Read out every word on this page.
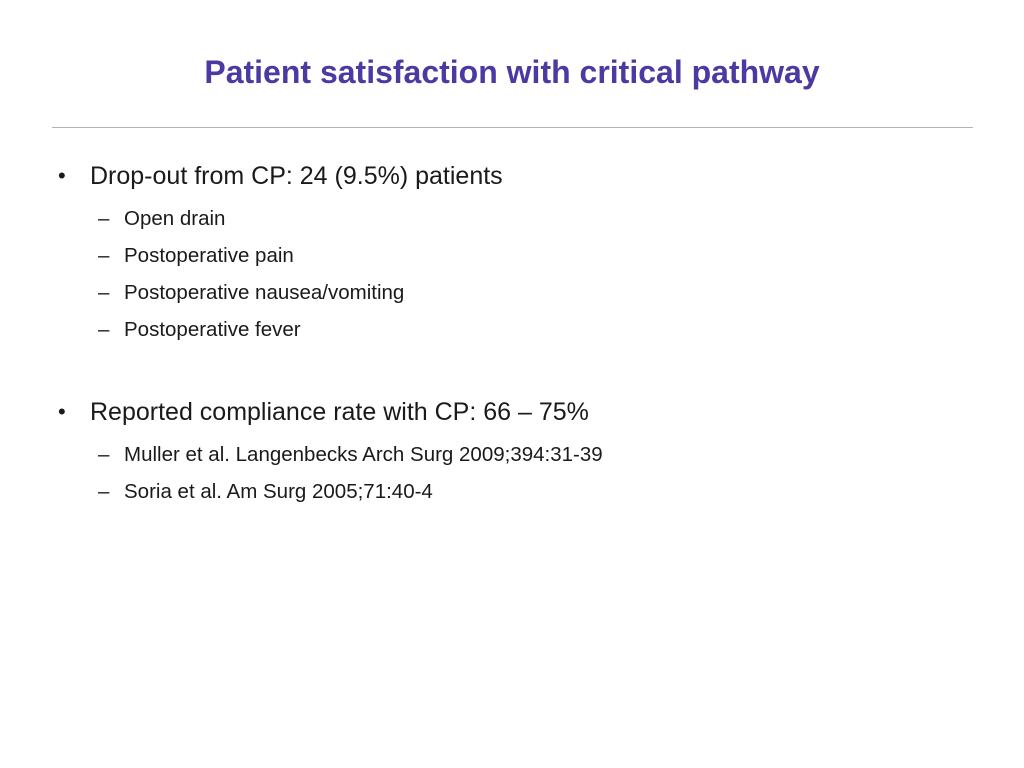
Patient satisfaction with critical pathway
• Drop-out from CP: 24 (9.5%) patients
– Open drain
– Postoperative pain
– Postoperative nausea/vomiting
– Postoperative fever
• Reported compliance rate with CP: 66 – 75%
– Muller et al. Langenbecks Arch Surg 2009;394:31-39
– Soria et al. Am Surg 2005;71:40-4
